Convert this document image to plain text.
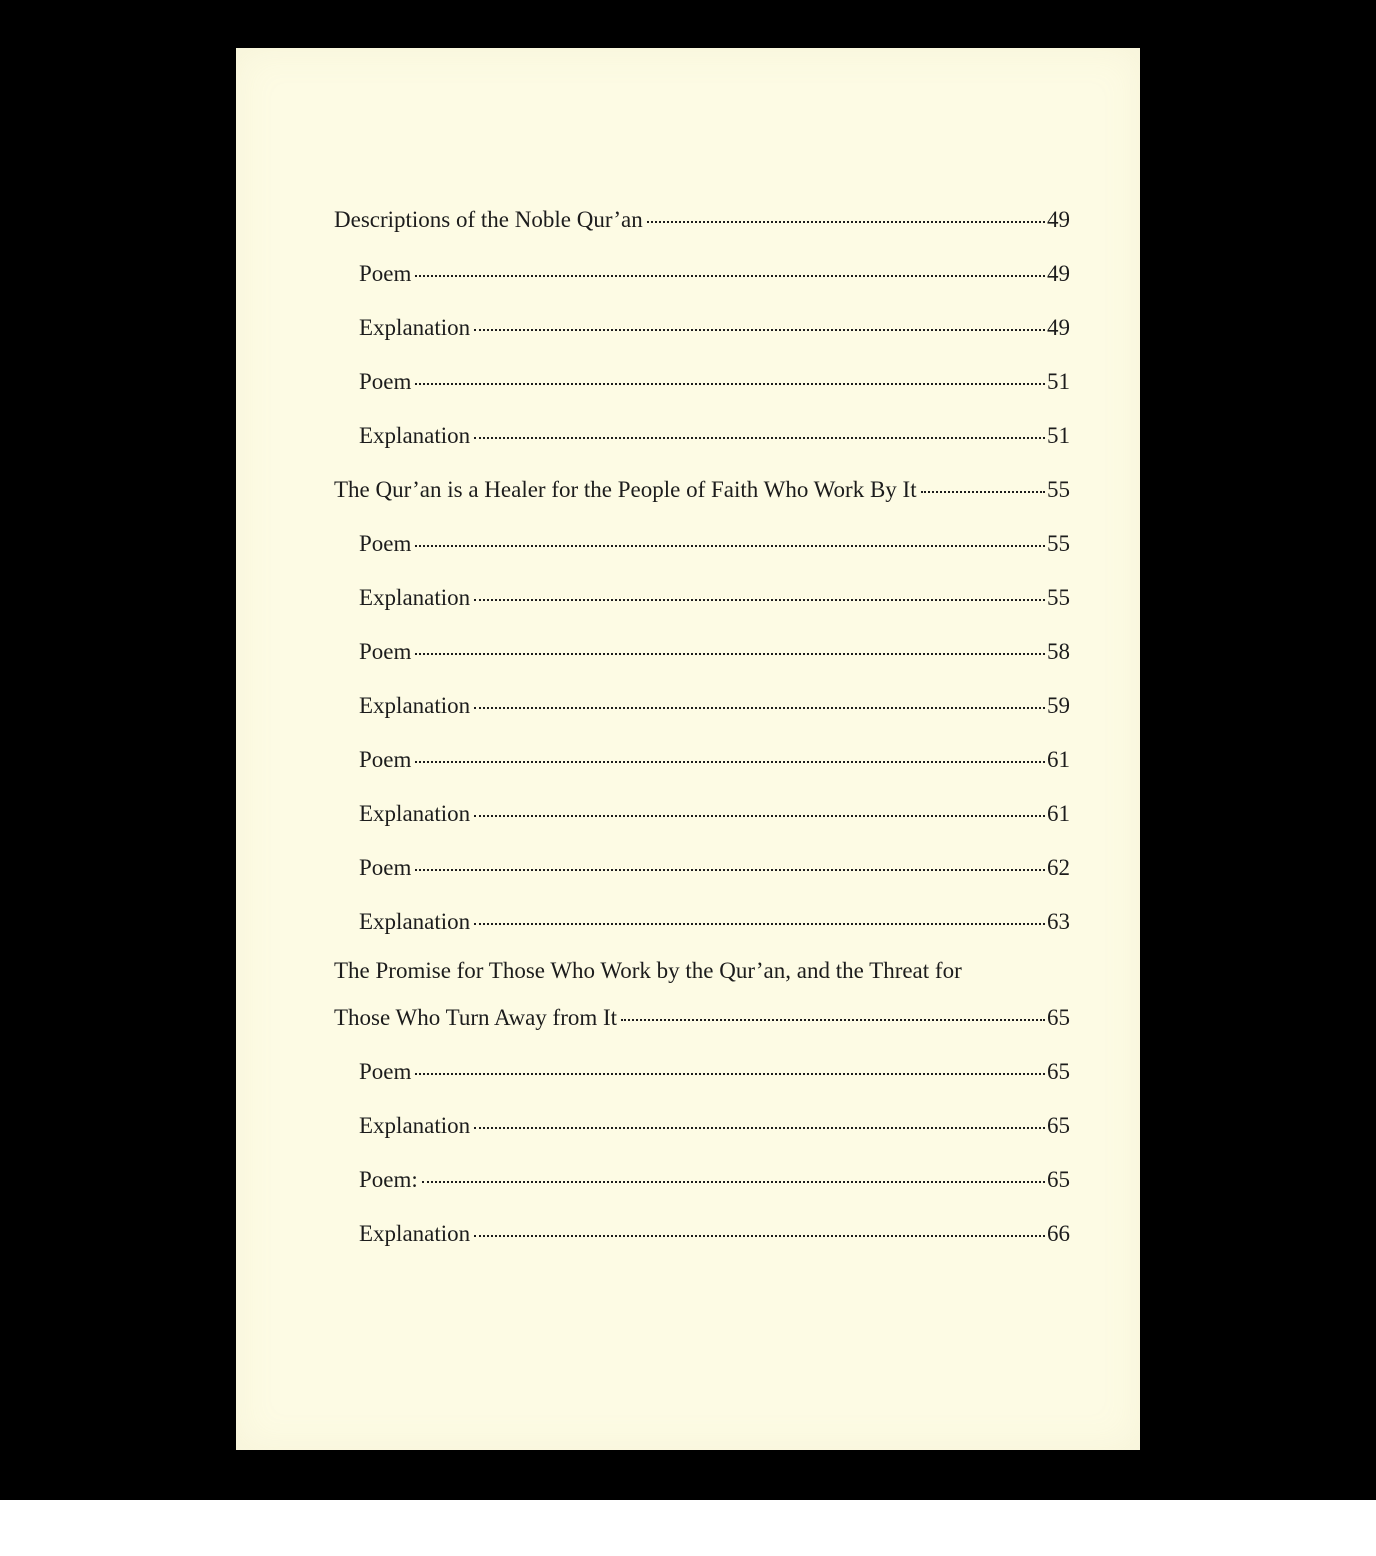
Descriptions of the Noble Qur’an	49
Poem	49
Explanation	49
Poem	51
Explanation	51
The Qur’an is a Healer for the People of Faith Who Work By It	55
Poem	55
Explanation	55
Poem	58
Explanation	59
Poem	61
Explanation	61
Poem	62
Explanation	63
The Promise for Those Who Work by the Qur’an, and the Threat for
Those Who Turn Away from It	65
Poem	65
Explanation	65
Poem:	65
Explanation	66
